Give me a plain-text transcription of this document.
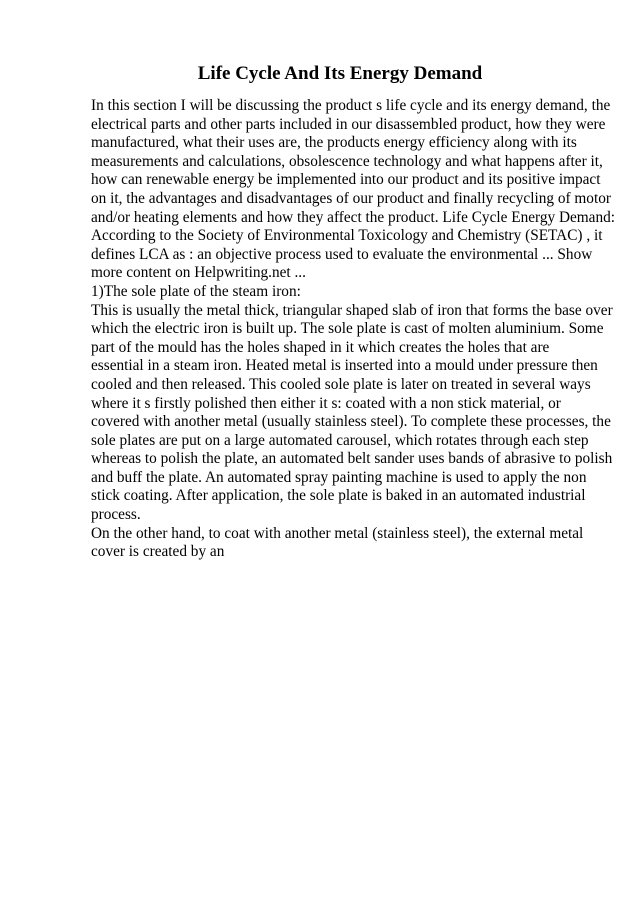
Life Cycle And Its Energy Demand
In this section I will be discussing the product s life cycle and its energy demand, the
electrical parts and other parts included in our disassembled product, how they were
manufactured, what their uses are, the products energy efficiency along with its
measurements and calculations, obsolescence technology and what happens after it,
how can renewable energy be implemented into our product and its positive impact
on it, the advantages and disadvantages of our product and finally recycling of motor
and/or heating elements and how they affect the product. Life Cycle Energy Demand:
According to the Society of Environmental Toxicology and Chemistry (SETAC) , it
defines LCA as : an objective process used to evaluate the environmental ... Show
more content on Helpwriting.net ...
1)The sole plate of the steam iron:
This is usually the metal thick, triangular shaped slab of iron that forms the base over
which the electric iron is built up. The sole plate is cast of molten aluminium. Some
part of the mould has the holes shaped in it which creates the holes that are
essential in a steam iron. Heated metal is inserted into a mould under pressure then
cooled and then released. This cooled sole plate is later on treated in several ways
where it s firstly polished then either it s: coated with a non stick material, or
covered with another metal (usually stainless steel). To complete these processes, the
sole plates are put on a large automated carousel, which rotates through each step
whereas to polish the plate, an automated belt sander uses bands of abrasive to polish
and buff the plate. An automated spray painting machine is used to apply the non
stick coating. After application, the sole plate is baked in an automated industrial
process.
On the other hand, to coat with another metal (stainless steel), the external metal
cover is created by an
